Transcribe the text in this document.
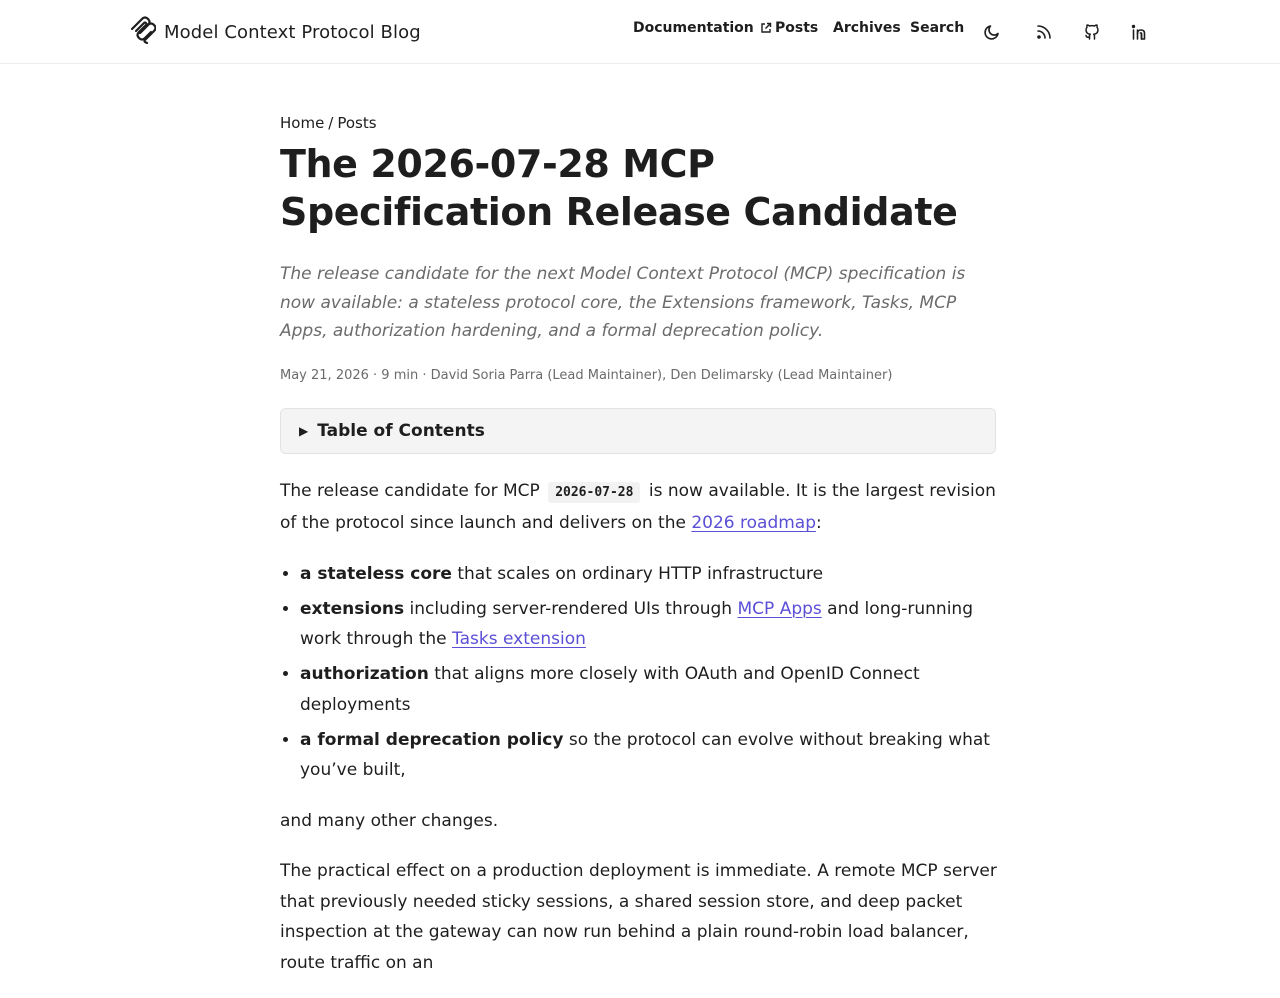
Model Context Protocol Blog	Documentation Posts Archives Search
Home / Posts
The 2026-07-28 MCP Specification Release Candidate
The release candidate for the next Model Context Protocol (MCP) specification is now available: a stateless protocol core, the Extensions framework, Tasks, MCP Apps, authorization hardening, and a formal deprecation policy.
May 21, 2026 · 9 min · David Soria Parra (Lead Maintainer), Den Delimarsky (Lead Maintainer)
▶ Table of Contents

The release candidate for MCP 2026-07-28 is now available. It is the largest revision of the protocol since launch and delivers on the 2026 roadmap:

• a stateless core that scales on ordinary HTTP infrastructure
• extensions including server-rendered UIs through MCP Apps and long-running work through the Tasks extension
• authorization that aligns more closely with OAuth and OpenID Connect deployments
• a formal deprecation policy so the protocol can evolve without breaking what you’ve built,

and many other changes.

The practical effect on a production deployment is immediate. A remote MCP server that previously needed sticky sessions, a shared session store, and deep packet inspection at the gateway can now run behind a plain round-robin load balancer, route traffic on an
